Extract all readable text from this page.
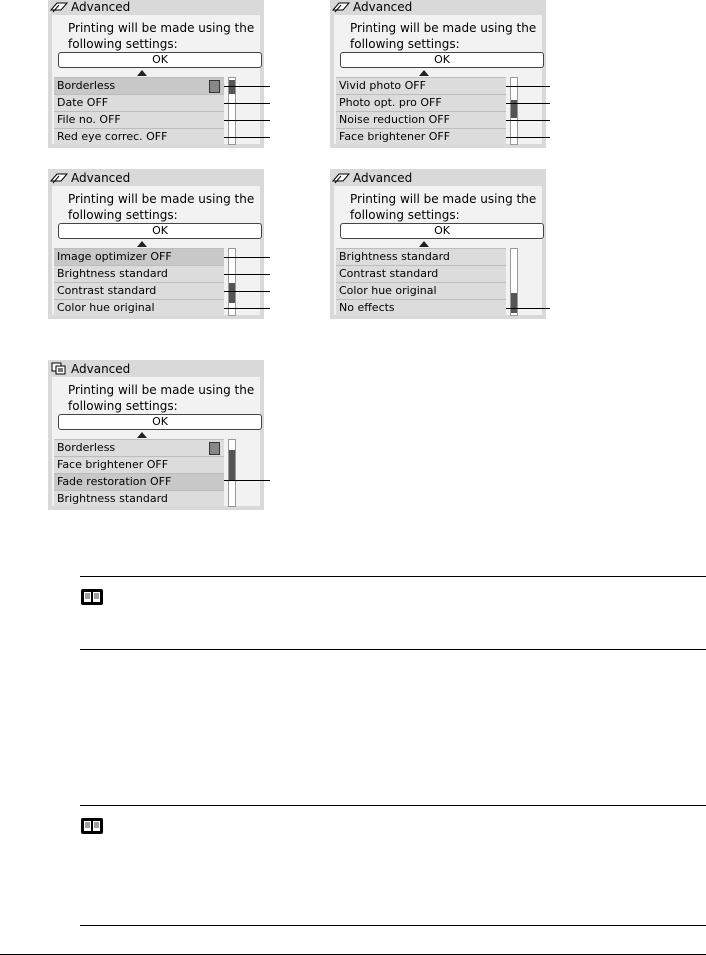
Advanced
Printing will be made using the
following settings:
OK
Borderless
Date OFF
File no. OFF
Red eye correc. OFF
Advanced
Printing will be made using the
following settings:
OK
Vivid photo OFF
Photo opt. pro OFF
Noise reduction OFF
Face brightener OFF
Advanced
Printing will be made using the
following settings:
OK
Image optimizer OFF
Brightness standard
Contrast standard
Color hue original
Advanced
Printing will be made using the
following settings:
OK
Brightness standard
Contrast standard
Color hue original
No effects
Advanced
Printing will be made using the
following settings:
OK
Borderless
Face brightener OFF
Fade restoration OFF
Brightness standard
